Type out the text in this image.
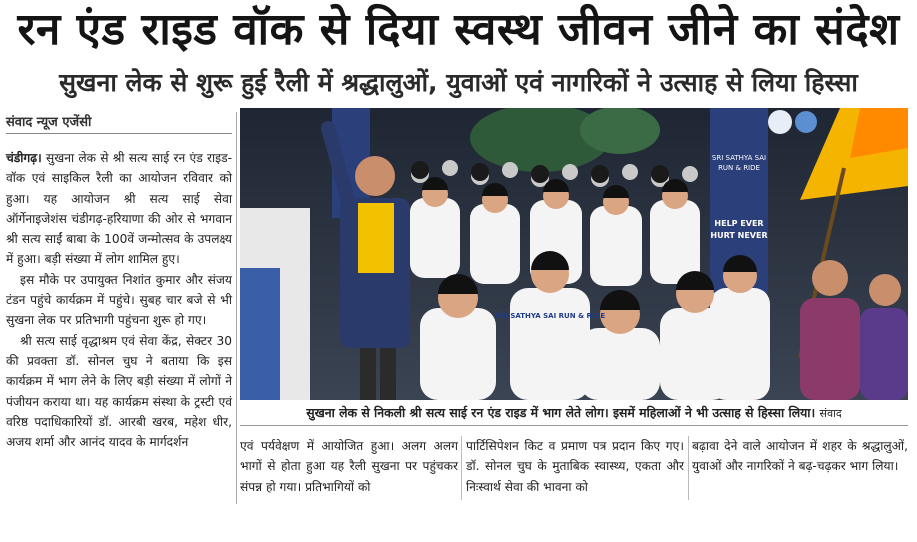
रन एंड राइड वॉक से दिया स्वस्थ जीवन जीने का संदेश
सुखना लेक से शुरू हुई रैली में श्रद्धालुओं, युवाओं एवं नागरिकों ने उत्साह से लिया हिस्सा
संवाद न्यूज एजेंसी

चंडीगढ़। सुखना लेक से श्री सत्य साई रन एंड राइड-वॉक एवं साइकिल रैली का आयोजन रविवार को हुआ। यह आयोजन श्री सत्य साई सेवा ऑर्गेनाइजेशंस चंडीगढ़-हरियाणा की ओर से भगवान श्री सत्य साईं बाबा के 100वें जन्मोत्सव के उपलक्ष्य में हुआ। बड़ी संख्या में लोग शामिल हुए।

इस मौके पर उपायुक्त निशांत कुमार और संजय टंडन पहुंचे कार्यक्रम में पहुंचे। सुबह चार बजे से भी सुखना लेक पर प्रतिभागी पहुंचना शुरू हो गए।

श्री सत्य साई वृद्धाश्रम एवं सेवा केंद्र, सेक्टर 30 की प्रवक्ता डॉ. सोनल चुघ ने बताया कि इस कार्यक्रम में भाग लेने के लिए बड़ी संख्या में लोगों ने पंजीयन कराया था। यह कार्यक्रम संस्था के ट्रस्टी एवं वरिष्ठ पदाधिकारियों डॉ. आरबी खरब, महेश धीर, अजय शर्मा और आनंद यादव के मार्गदर्शन

SRI SATHYA SAI
RUN & RIDE
HELP EVER
HURT NEVER
SRI SATHYA SAI RUN & RIDE
सुखना लेक से निकली श्री सत्य साई रन एंड राइड में भाग लेते लोग। इसमें महिलाओं ने भी उत्साह से हिस्सा लिया। संवाद
एवं पर्यवेक्षण में आयोजित हुआ। अलग अलग भागों से होता हुआ यह रैली सुखना पर पहुंचकर संपन्न हो गया। प्रतिभागियों को
पार्टिसिपेशन किट व प्रमाण पत्र प्रदान किए गए। डॉ. सोनल चुघ के मुताबिक स्वास्थ्य, एकता और निःस्वार्थ सेवा की भावना को
बढ़ावा देने वाले आयोजन में शहर के श्रद्धालुओं, युवाओं और नागरिकों ने बढ़-चढ़कर भाग लिया।
